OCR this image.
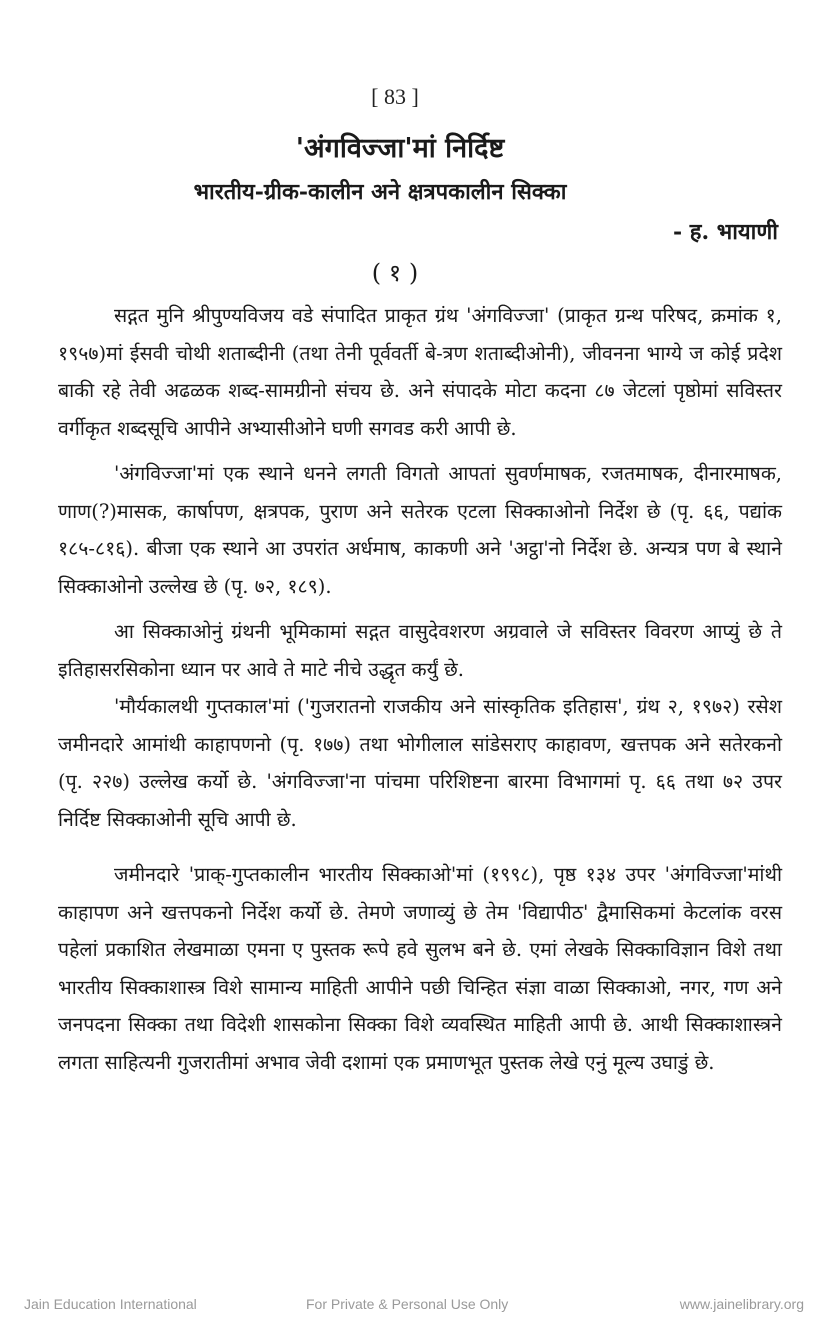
[ 83 ]
'अंगविज्जा'मां निर्दिष्ट
भारतीय-ग्रीक-कालीन अने क्षत्रपकालीन सिक्का
- ह. भायाणी
( १ )

सद्गत मुनि श्रीपुण्यविजय वडे संपादित प्राकृत ग्रंथ 'अंगविज्जा' (प्राकृत ग्रन्थ परिषद, क्रमांक १, १९५७)मां ईसवी चोथी शताब्दीनी (तथा तेनी पूर्ववर्ती बे-त्रण शताब्दीओनी), जीवनना भाग्ये ज कोई प्रदेश बाकी रहे तेवी अढळक शब्द-सामग्रीनो संचय छे. अने संपादके मोटा कदना ८७ जेटलां पृष्ठोमां सविस्तर वर्गीकृत शब्दसूचि आपीने अभ्यासीओने घणी सगवड करी आपी छे.

'अंगविज्जा'मां एक स्थाने धनने लगती विगतो आपतां सुवर्णमाषक, रजतमाषक, दीनारमाषक, णाण(?)मासक, कार्षापण, क्षत्रपक, पुराण अने सतेरक एटला सिक्काओनो निर्देश छे (पृ. ६६, पद्यांक १८५-८१६). बीजा एक स्थाने आ उपरांत अर्धमाष, काकणी अने 'अट्ठा'नो निर्देश छे. अन्यत्र पण बे स्थाने सिक्काओनो उल्लेख छे (पृ. ७२, १८९).

आ सिक्काओनुं ग्रंथनी भूमिकामां सद्गत वासुदेवशरण अग्रवाले जे सविस्तर विवरण आप्युं छे ते इतिहासरसिकोना ध्यान पर आवे ते माटे नीचे उद्धृत कर्युं छे.

'मौर्यकालथी गुप्तकाल'मां ('गुजरातनो राजकीय अने सांस्कृतिक इतिहास', ग्रंथ २, १९७२) रसेश जमीनदारे आमांथी काहापणनो (पृ. १७७) तथा भोगीलाल सांडेसराए काहावण, खत्तपक अने सतेरकनो (पृ. २२७) उल्लेख कर्यो छे. 'अंगविज्जा'ना पांचमा परिशिष्टना बारमा विभागमां पृ. ६६ तथा ७२ उपर निर्दिष्ट सिक्काओनी सूचि आपी छे.

जमीनदारे 'प्राक्-गुप्तकालीन भारतीय सिक्काओ'मां (१९९८), पृष्ठ १३४ उपर 'अंगविज्जा'मांथी काहापण अने खत्तपकनो निर्देश कर्यो छे. तेमणे जणाव्युं छे तेम 'विद्यापीठ' द्वैमासिकमां केटलांक वरस पहेलां प्रकाशित लेखमाळा एमना ए पुस्तक रूपे हवे सुलभ बने छे. एमां लेखके सिक्काविज्ञान विशे तथा भारतीय सिक्काशास्त्र विशे सामान्य माहिती आपीने पछी चिन्हित संज्ञा वाळा सिक्काओ, नगर, गण अने जनपदना सिक्का तथा विदेशी शासकोना सिक्का विशे व्यवस्थित माहिती आपी छे. आथी सिक्काशास्त्रने लगता साहित्यनी गुजरातीमां अभाव जेवी दशामां एक प्रमाणभूत पुस्तक लेखे एनुं मूल्य उघाडुं छे.

Jain Education International	For Private & Personal Use Only	www.jainelibrary.org
